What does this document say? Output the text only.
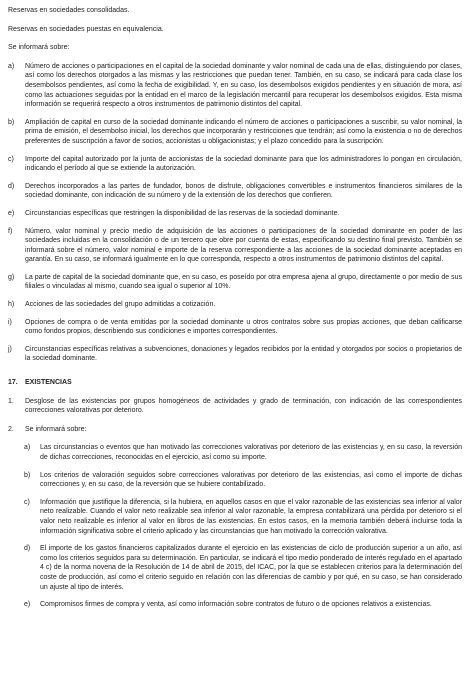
Reservas en sociedades consolidadas.

Reservas en sociedades puestas en equivalencia.

Se informará sobre:

a)	Número de acciones o participaciones en el capital de la sociedad dominante y valor nominal de cada una de ellas, distinguiendo por clases, así como los derechos otorgados a las mismas y las restricciones que puedan tener. También, en su caso, se indicará para cada clase los desembolsos pendientes, así como la fecha de exigibilidad. Y, en su caso, los desembolsos exigidos pendientes y en situación de mora, así como las actuaciones seguidas por la entidad en el marco de la legislación mercantil para recuperar los desembolsos exigidos. Esta misma información se requerirá respecto a otros instrumentos de patrimonio distintos del capital.
b)	Ampliación de capital en curso de la sociedad dominante indicando el número de acciones o participaciones a suscribir, su valor nominal, la prima de emisión, el desembolso inicial, los derechos que incorporarán y restricciones que tendrán; así como la existencia o no de derechos preferentes de suscripción a favor de socios, accionistas u obligacionistas; y el plazo concedido para la suscripción.
c)	Importe del capital autorizado por la junta de accionistas de la sociedad dominante para que los administradores lo pongan en circulación, indicando el período al que se extiende la autorización.
d)	Derechos incorporados a las partes de fundador, bonos de disfrute, obligaciones convertibles e instrumentos financieros similares de la sociedad dominante, con indicación de su número y de la extensión de los derechos que confieren.
e)	Circunstancias específicas que restringen la disponibilidad de las reservas de la sociedad dominante.
f)	Número, valor nominal y precio medio de adquisición de las acciones o participaciones de la sociedad dominante en poder de las sociedades incluidas en la consolidación o de un tercero que obre por cuenta de estas, especificando su destino final previsto. También se informará sobre el número, valor nominal e importe de la reserva correspondiente a las acciones de la sociedad dominante aceptadas en garantía. En su caso, se informará igualmente en lo que corresponda, respecto a otros instrumentos de patrimonio distintos del capital.
g)	La parte de capital de la sociedad dominante que, en su caso, es poseído por otra empresa ajena al grupo, directamente o por medio de sus filiales o vinculadas al mismo, cuando sea igual o superior al 10%.
h)	Acciones de las sociedades del grupo admitidas a cotización.
i)	Opciones de compra o de venta emitidas por la sociedad dominante u otros contratos sobre sus propias acciones, que deban calificarse como fondos propios, describiendo sus condiciones e importes correspondientes.
j)	Circunstancias específicas relativas a subvenciones, donaciones y legados recibidos por la entidad y otorgados por socios o propietarios de la sociedad dominante.
17.	EXISTENCIAS
1.	Desglose de las existencias por grupos homogéneos de actividades y grado de terminación, con indicación de las correspondientes correcciones valorativas por deterioro.
2.	Se informará sobre:
a)	Las circunstancias o eventos que han motivado las correcciones valorativas por deterioro de las existencias y, en su caso, la reversión de dichas correcciones, reconocidas en el ejercicio, así como su importe.
b)	Los criterios de valoración seguidos sobre correcciones valorativas por deterioro de las existencias, así como el importe de dichas correcciones y, en su caso, de la reversión que se hubiere contabilizado.
c)	Información que justifique la diferencia, si la hubiera, en aquellos casos en que el valor razonable de las existencias sea inferior al valor neto realizable. Cuando el valor neto realizable sea inferior al valor razonable, la empresa contabilizará una pérdida por deterioro si el valor neto realizable es inferior al valor en libros de las existencias. En estos casos, en la memoria también deberá incluirse toda la información significativa sobre el criterio aplicado y las circunstancias que han motivado la corrección valorativa.
d)	El importe de los gastos financieros capitalizados durante el ejercicio en las existencias de ciclo de producción superior a un año, así como los criterios seguidos para su determinación. En particular, se indicará el tipo medio ponderado de interés regulado en el apartado 4 c) de la norma novena de la Resolución de 14 de abril de 2015, del ICAC, por la que se establecen criterios para la determinación del coste de producción, así como el criterio seguido en relación con las diferencias de cambio y por qué, en su caso, se han considerado un ajuste al tipo de interés.
e)	Compromisos firmes de compra y venta, así como información sobre contratos de futuro o de opciones relativos a existencias.
